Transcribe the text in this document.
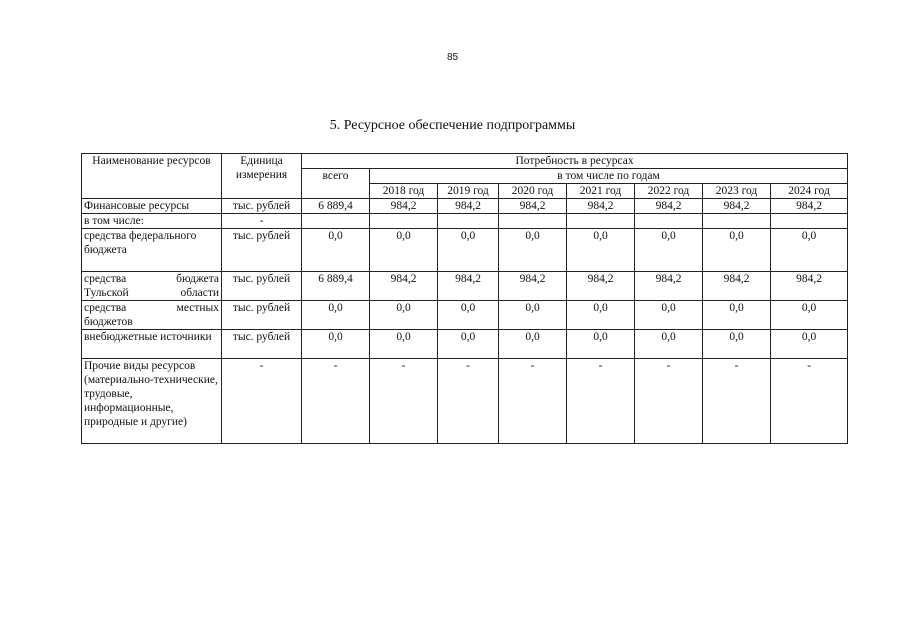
85
5. Ресурсное обеспечение подпрограммы
Наименование ресурсов	Единица измерения	Потребность в ресурсах							
		всего	в том числе по годам						
			2018 год	2019 год	2020 год	2021 год	2022 год	2023 год	2024 год
Финансовые ресурсы	тыс. рублей	6 889,4	984,2	984,2	984,2	984,2	984,2	984,2	984,2
в том числе:	-								
средства федерального бюджета	тыс. рублей	0,0	0,0	0,0	0,0	0,0	0,0	0,0	0,0
средства бюджета Тульской области	тыс. рублей	6 889,4	984,2	984,2	984,2	984,2	984,2	984,2	984,2
средства местных бюджетов	тыс. рублей	0,0	0,0	0,0	0,0	0,0	0,0	0,0	0,0
внебюджетные источники	тыс. рублей	0,0	0,0	0,0	0,0	0,0	0,0	0,0	0,0
Прочие виды ресурсов (материально-технические, трудовые, информационные, природные и другие)	-	-	-	-	-	-	-	-	-
